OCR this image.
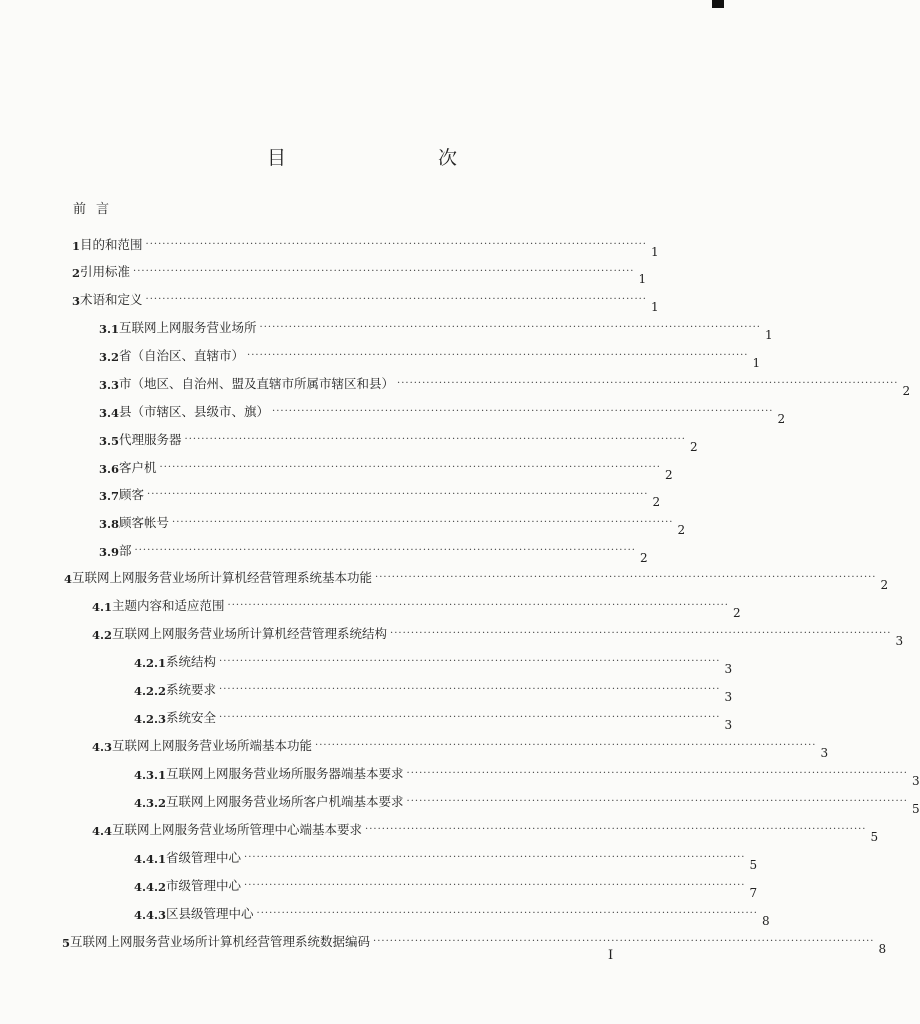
目　　次
前言
1 目的和范围 ························································································································
1
2 引用标准 ························································································································
1
3 术语和定义 ························································································································
1
3.1 互联网上网服务营业场所 ························································································································
1
3.2 省（自治区、直辖市） ························································································································
1
3.3 市（地区、自治州、盟及直辖市所属市辖区和县） ························································································································
2
3.4 县（市辖区、县级市、旗） ························································································································
2
3.5 代理服务器 ························································································································
2
3.6 客户机 ························································································································
2
3.7 顾客 ························································································································
2
3.8 顾客帐号 ························································································································
2
3.9 部 ························································································································
2
4 互联网上网服务营业场所计算机经营管理系统基本功能 ························································································································
2
4.1 主题内容和适应范围 ························································································································
2
4.2 互联网上网服务营业场所计算机经营管理系统结构 ························································································································
3
4.2.1 系统结构 ························································································································
3
4.2.2 系统要求 ························································································································
3
4.2.3 系统安全 ························································································································
3
4.3 互联网上网服务营业场所端基本功能 ························································································································
3
4.3.1 互联网上网服务营业场所服务器端基本要求 ························································································································
3
4.3.2 互联网上网服务营业场所客户机端基本要求 ························································································································
5
4.4 互联网上网服务营业场所管理中心端基本要求 ························································································································
5
4.4.1 省级管理中心 ························································································································
5
4.4.2 市级管理中心 ························································································································
7
4.4.3 区县级管理中心 ························································································································
8
5 互联网上网服务营业场所计算机经营管理系统数据编码 ························································································································
8
I
